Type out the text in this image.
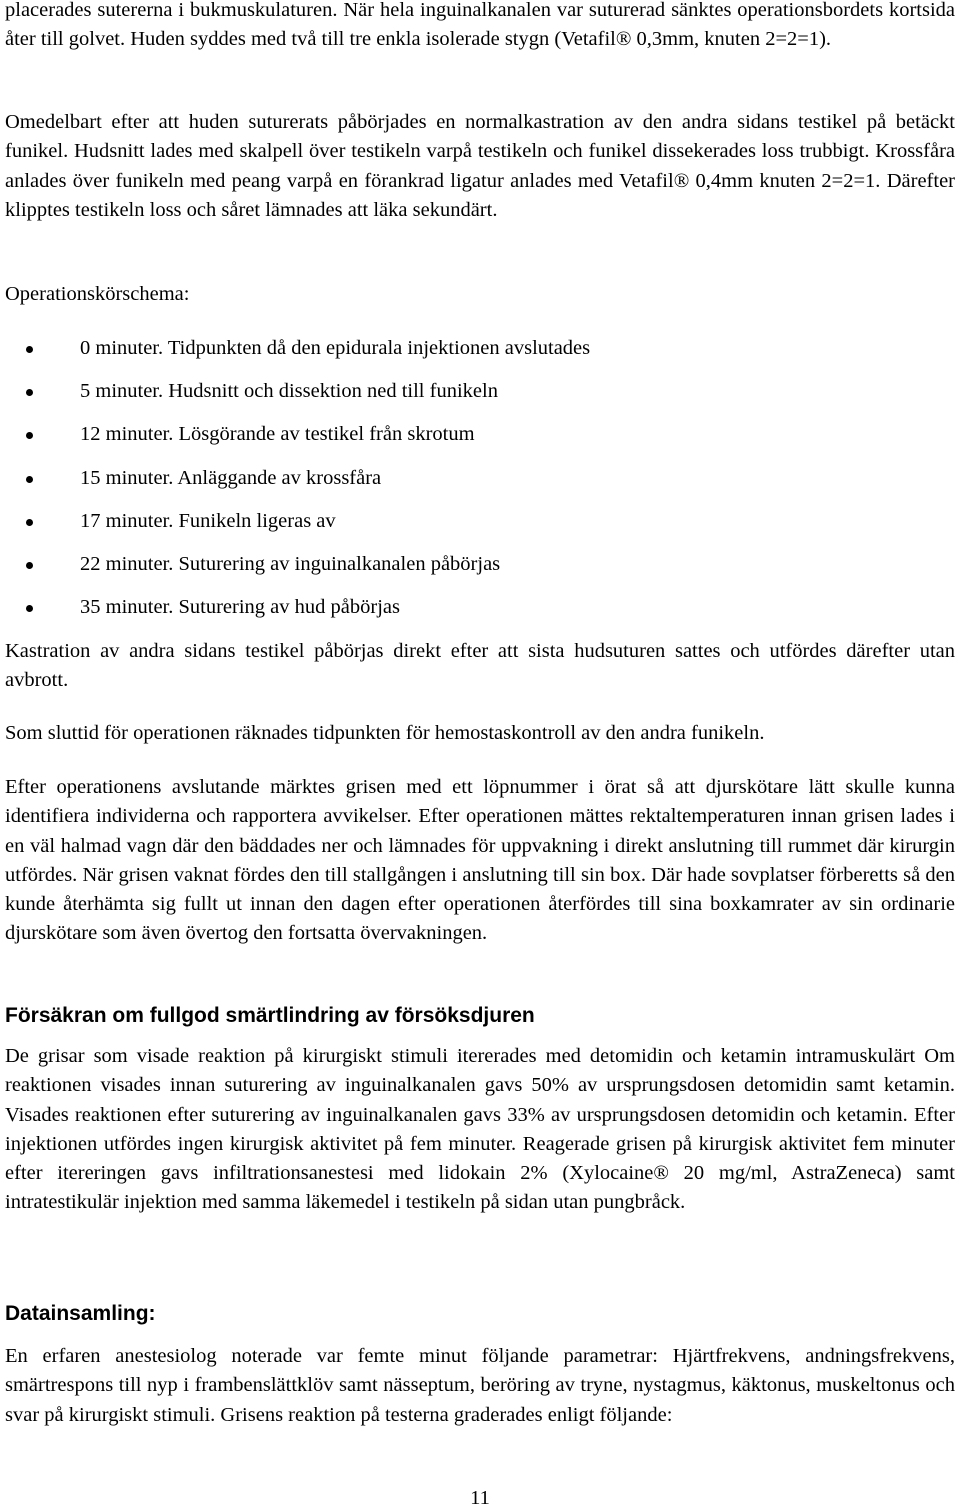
placerades sutererna i bukmuskulaturen. När hela inguinalkanalen var suturerad sänktes operationsbordets kortsida åter till golvet. Huden syddes med två till tre enkla isolerade stygn (Vetafil® 0,3mm, knuten 2=2=1).

Omedelbart efter att huden suturerats påbörjades en normalkastration av den andra sidans testikel på betäckt funikel. Hudsnitt lades med skalpell över testikeln varpå testikeln och funikel dissekerades loss trubbigt. Krossfåra anlades över funikeln med peang varpå en förankrad ligatur anlades med Vetafil® 0,4mm knuten 2=2=1. Därefter klipptes testikeln loss och såret lämnades att läka sekundärt.

Operationskörschema:

0 minuter. Tidpunkten då den epidurala injektionen avslutades
5 minuter. Hudsnitt och dissektion ned till funikeln
12 minuter. Lösgörande av testikel från skrotum
15 minuter. Anläggande av krossfåra
17 minuter. Funikeln ligeras av
22 minuter. Suturering av inguinalkanalen påbörjas
35 minuter. Suturering av hud påbörjas

Kastration av andra sidans testikel påbörjas direkt efter att sista hudsuturen sattes och utfördes därefter utan avbrott.

Som sluttid för operationen räknades tidpunkten för hemostaskontroll av den andra funikeln.

Efter operationens avslutande märktes grisen med ett löpnummer i örat så att djurskötare lätt skulle kunna identifiera individerna och rapportera avvikelser. Efter operationen mättes rektaltemperaturen innan grisen lades i en väl halmad vagn där den bäddades ner och lämnades för uppvakning i direkt anslutning till rummet där kirurgin utfördes. När grisen vaknat fördes den till stallgången i anslutning till sin box. Där hade sovplatser förberetts så den kunde återhämta sig fullt ut innan den dagen efter operationen återfördes till sina boxkamrater av sin ordinarie djurskötare som även övertog den fortsatta övervakningen.

Försäkran om fullgod smärtlindring av försöksdjuren

De grisar som visade reaktion på kirurgiskt stimuli itererades med detomidin och ketamin intramuskulärt Om reaktionen visades innan suturering av inguinalkanalen gavs 50% av ursprungsdosen detomidin samt ketamin. Visades reaktionen efter suturering av inguinalkanalen gavs 33% av ursprungsdosen detomidin och ketamin. Efter injektionen utfördes ingen kirurgisk aktivitet på fem minuter. Reagerade grisen på kirurgisk aktivitet fem minuter efter itereringen gavs infiltrationsanestesi med lidokain 2% (Xylocaine® 20 mg/ml, AstraZeneca) samt intratestikulär injektion med samma läkemedel i testikeln på sidan utan pungbråck.

Datainsamling:

En erfaren anestesiolog noterade var femte minut följande parametrar: Hjärtfrekvens, andningsfrekvens, smärtrespons till nyp i frambenslättklöv samt nässeptum, beröring av tryne, nystagmus, käktonus, muskeltonus och svar på kirurgiskt stimuli. Grisens reaktion på testerna graderades enligt följande:

11
